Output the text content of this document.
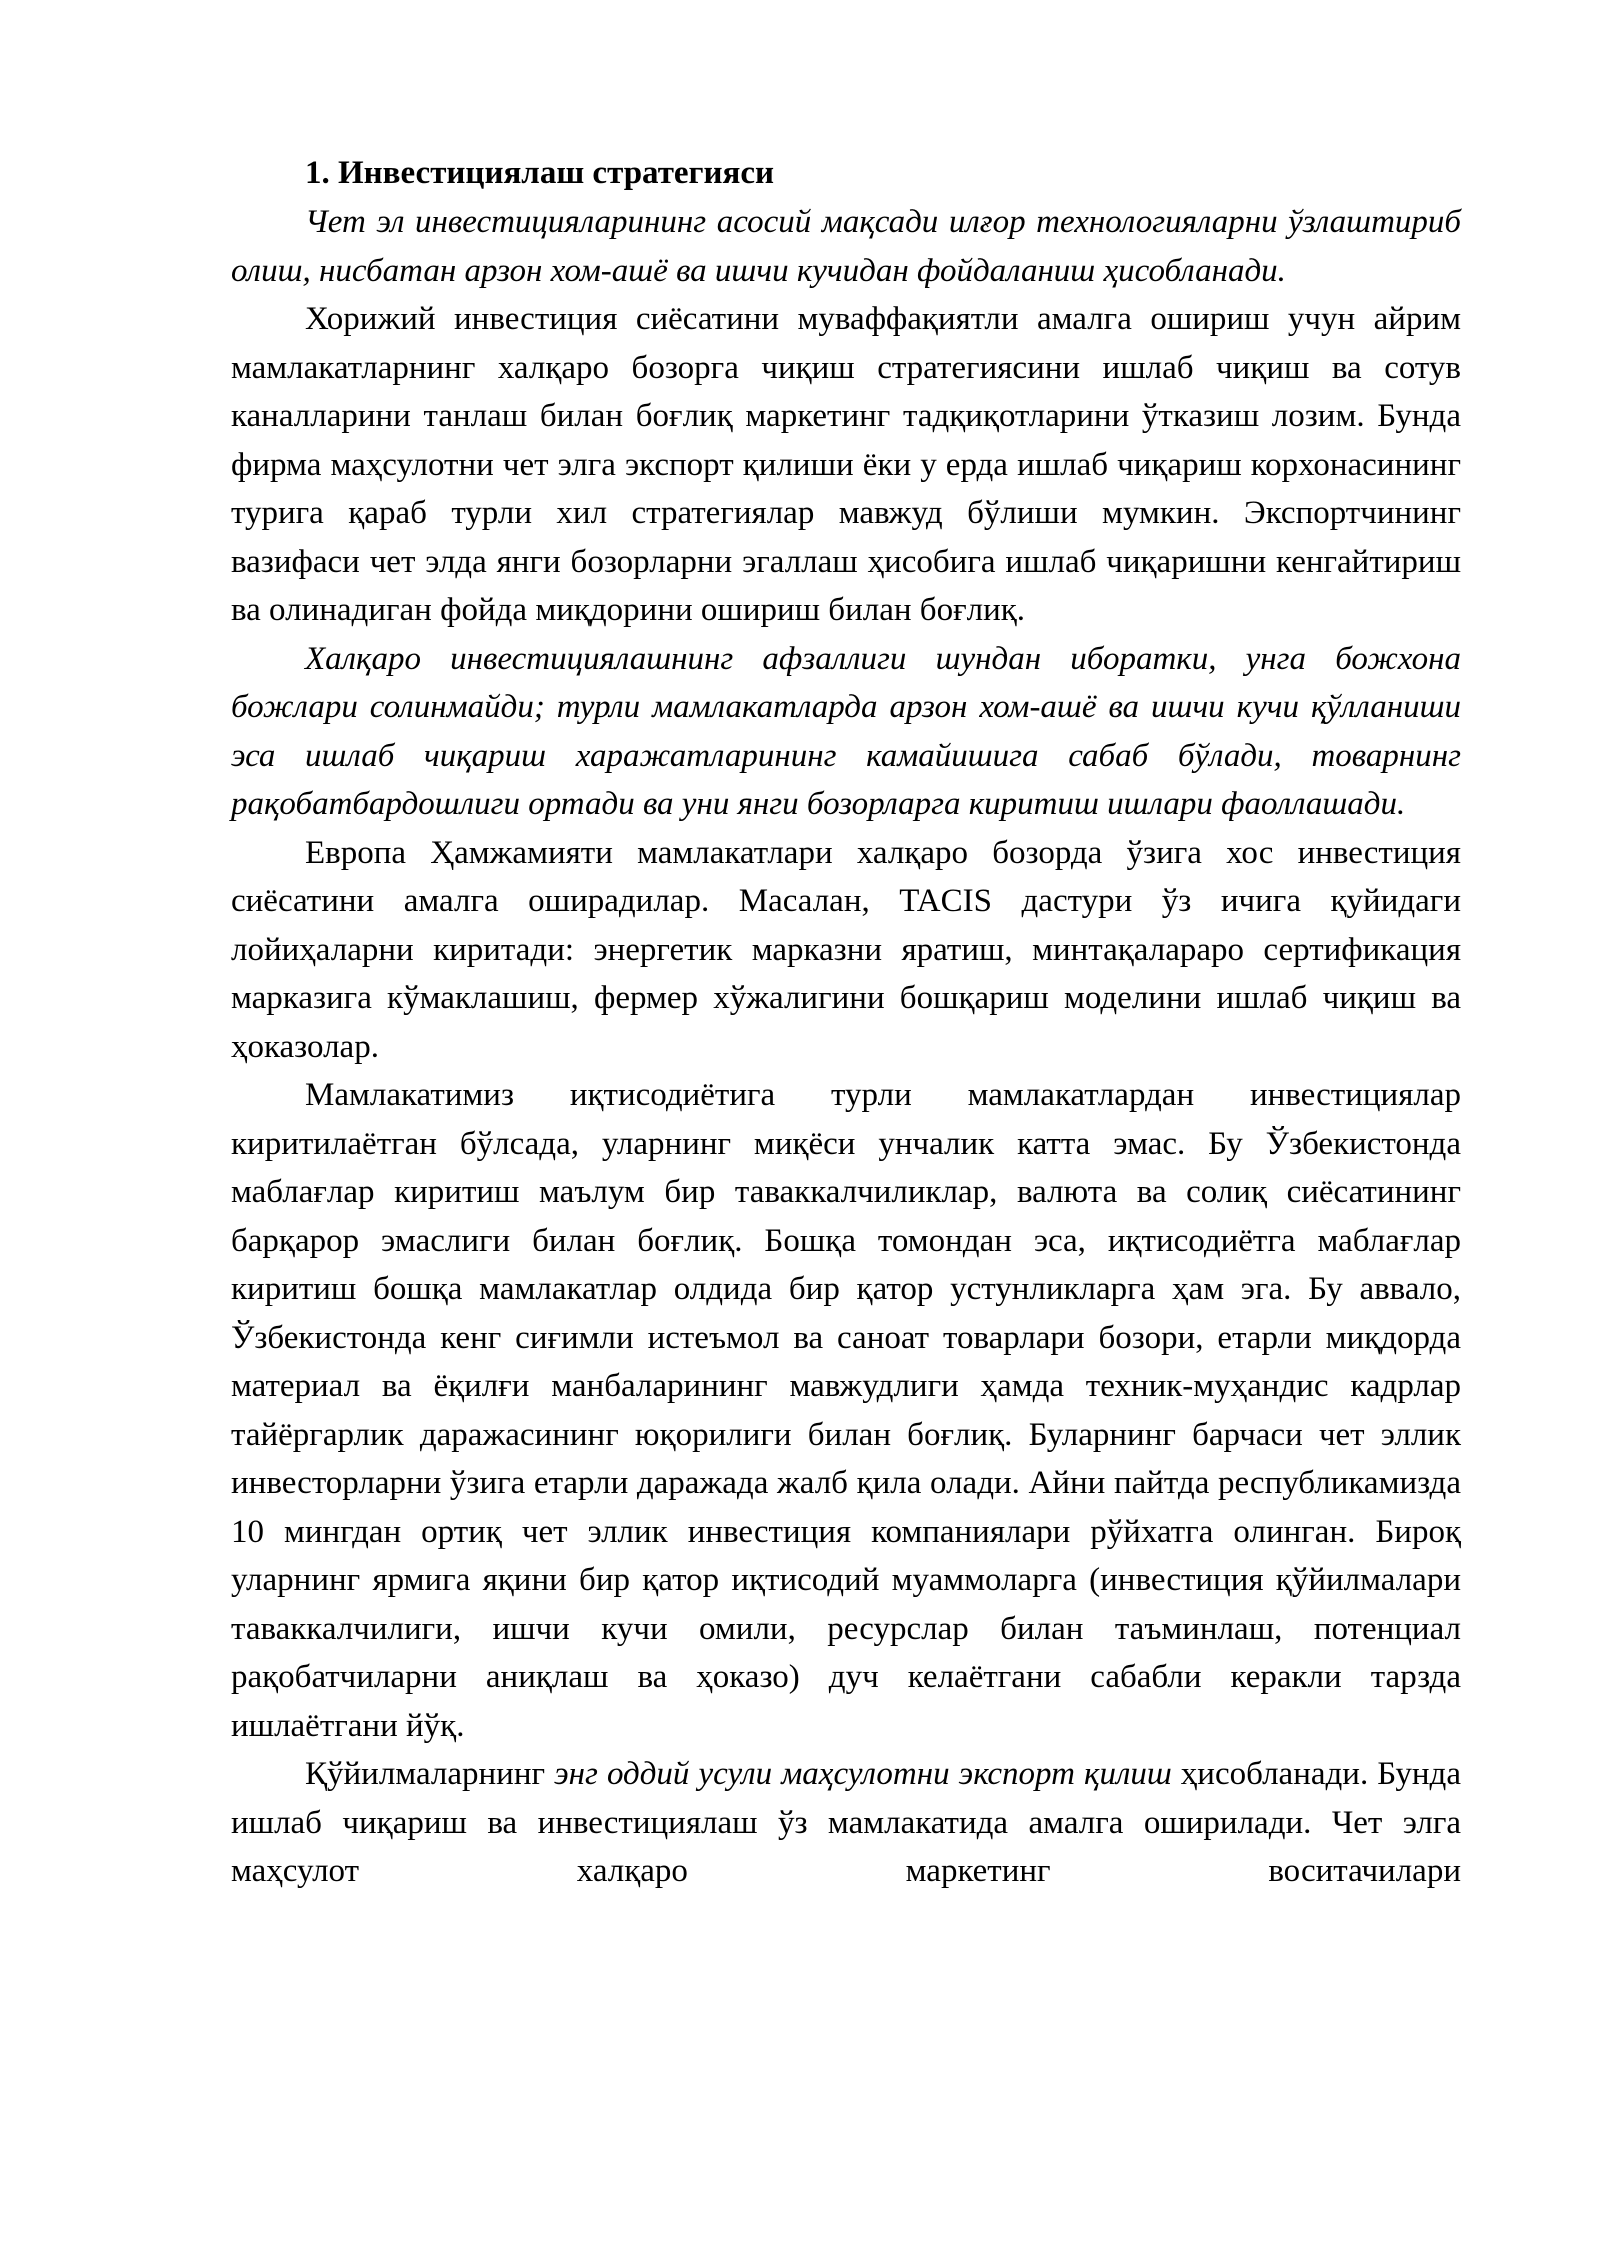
1. Инвестициялаш стратегияси

Чет эл инвестицияларининг асосий мақсади илғор технологияларни ўзлаштириб олиш, нисбатан арзон хом-ашё ва ишчи кучидан фойдаланиш ҳисобланади.

Хорижий инвестиция сиёсатини муваффақиятли амалга ошириш учун айрим мамлакатларнинг халқаро бозорга чиқиш стратегиясини ишлаб чиқиш ва сотув каналларини танлаш билан боғлиқ маркетинг тадқиқотларини ўтказиш лозим. Бунда фирма маҳсулотни чет элга экспорт қилиши ёки у ерда ишлаб чиқариш корхонасининг турига қараб турли хил стратегиялар мавжуд бўлиши мумкин. Экспортчининг вазифаси чет элда янги бозорларни эгаллаш ҳисобига ишлаб чиқаришни кенгайтириш ва олинадиган фойда миқдорини ошириш билан боғлиқ.

Халқаро инвестициялашнинг афзаллиги шундан иборатки, унга божхона божлари солинмайди; турли мамлакатларда арзон хом-ашё ва ишчи кучи қўлланиши эса ишлаб чиқариш харажатларининг камайишига сабаб бўлади, товарнинг рақобатбардошлиги ортади ва уни янги бозорларга киритиш ишлари фаоллашади.

Европа Ҳамжамияти мамлакатлари халқаро бозорда ўзига хос инвестиция сиёсатини амалга оширадилар. Масалан, TACIS дастури ўз ичига қуйидаги лойиҳаларни киритади: энергетик марказни яратиш, минтақалараро сертификация марказига кўмаклашиш, фермер хўжалигини бошқариш моделини ишлаб чиқиш ва ҳоказолар.

Мамлакатимиз иқтисодиётига турли мамлакатлардан инвестициялар киритилаётган бўлсада, уларнинг миқёси унчалик катта эмас. Бу Ўзбекистонда маблағлар киритиш маълум бир таваккалчиликлар, валюта ва солиқ сиёсатининг барқарор эмаслиги билан боғлиқ. Бошқа томондан эса, иқтисодиётга маблағлар киритиш бошқа мамлакатлар олдида бир қатор устунликларга ҳам эга. Бу аввало, Ўзбекистонда кенг сиғимли истеъмол ва саноат товарлари бозори, етарли миқдорда материал ва ёқилғи манбаларининг мавжудлиги ҳамда техник-муҳандис кадрлар тайёргарлик даражасининг юқорилиги билан боғлиқ. Буларнинг барчаси чет эллик инвесторларни ўзига етарли даражада жалб қила олади. Айни пайтда республикамизда 10 мингдан ортиқ чет эллик инвестиция компаниялари рўйхатга олинган. Бироқ уларнинг ярмига яқини бир қатор иқтисодий муаммоларга (инвестиция қўйилмалари таваккалчилиги, ишчи кучи омили, ресурслар билан таъминлаш, потенциал рақобатчиларни аниқлаш ва ҳоказо) дуч келаётгани сабабли керакли тарзда ишлаётгани йўқ.

Қўйилмаларнинг энг оддий усули маҳсулотни экспорт қилиш ҳисобланади. Бунда ишлаб чиқариш ва инвестициялаш ўз мамлакатида амалга оширилади. Чет элга маҳсулот халқаро маркетинг воситачилари
